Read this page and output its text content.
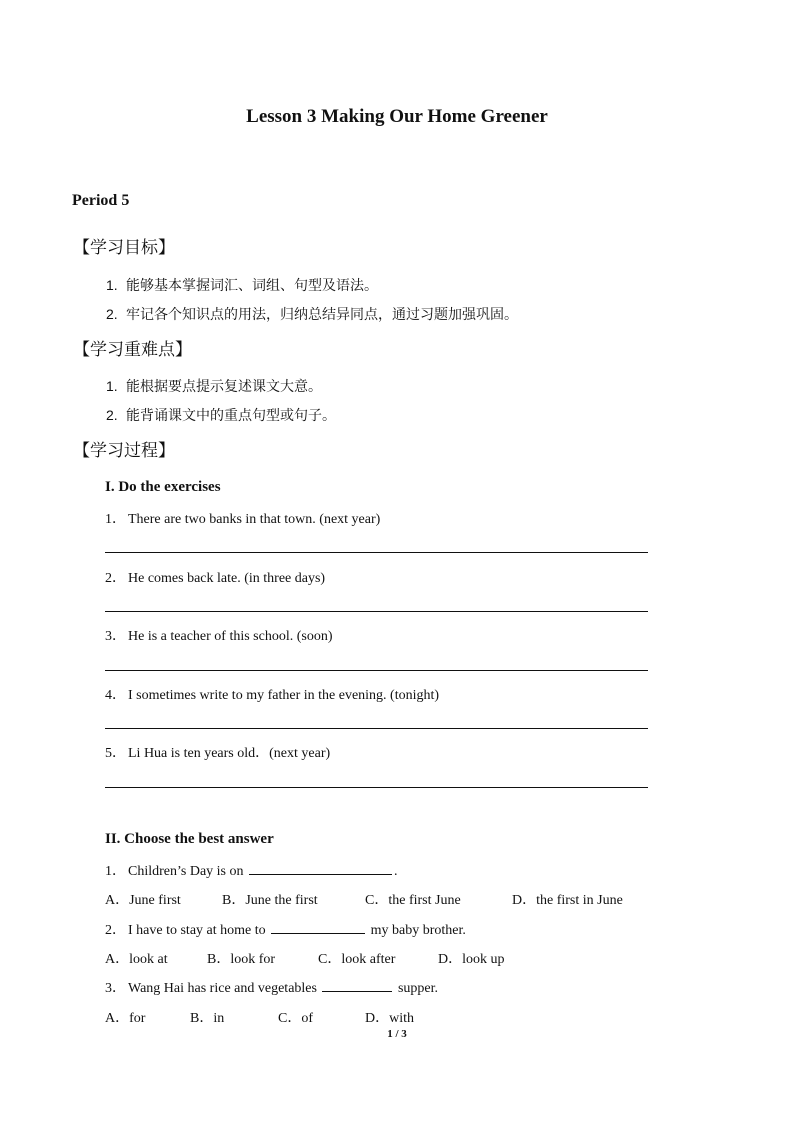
Lesson 3 Making Our Home Greener
Period 5
【学习目标】
1. 能够基本掌握词汇、词组、句型及语法。
2. 牢记各个知识点的用法，归纳总结异同点，通过习题加强巩固。
【学习重难点】
1. 能根据要点提示复述课文大意。
2. 能背诵课文中的重点句型或句子。
【学习过程】
I. Do the exercises
1． There are two banks in that town. (next year)
2． He comes back late. (in three days)
3． He is a teacher of this school. (soon)
4． I sometimes write to my father in the evening. (tonight)
5． Li Hua is ten years old．(next year)
II. Choose the best answer
1． Children’s Day is on	.
A．June first	B．June the first	C．the first June	D．the first in June
2． I have to stay at home to	my baby brother.
A．look at	B．look for	C．look after	D．look up
3． Wang Hai has rice and vegetables	supper.
A．for	B．in	C．of	D．with
1 / 3
